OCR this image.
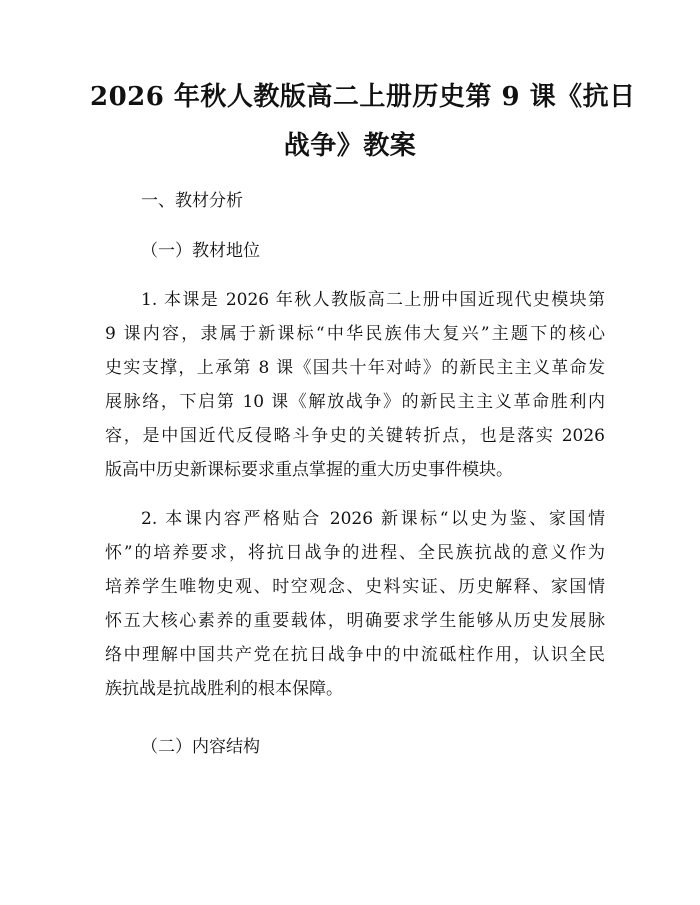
2026 年秋人教版高二上册历史第 9 课《抗日
战争》教案
一、教材分析
（一）教材地位
1. 本课是 2026 年秋人教版高二上册中国近现代史模块第
9 课内容，隶属于新课标“中华民族伟大复兴”主题下的核心
史实支撑，上承第 8 课《国共十年对峙》的新民主主义革命发
展脉络，下启第 10 课《解放战争》的新民主主义革命胜利内
容，是中国近代反侵略斗争史的关键转折点，也是落实 2026
版高中历史新课标要求重点掌握的重大历史事件模块。
2. 本课内容严格贴合 2026 新课标“以史为鉴、家国情
怀”的培养要求，将抗日战争的进程、全民族抗战的意义作为
培养学生唯物史观、时空观念、史料实证、历史解释、家国情
怀五大核心素养的重要载体，明确要求学生能够从历史发展脉
络中理解中国共产党在抗日战争中的中流砥柱作用，认识全民
族抗战是抗战胜利的根本保障。
（二）内容结构
